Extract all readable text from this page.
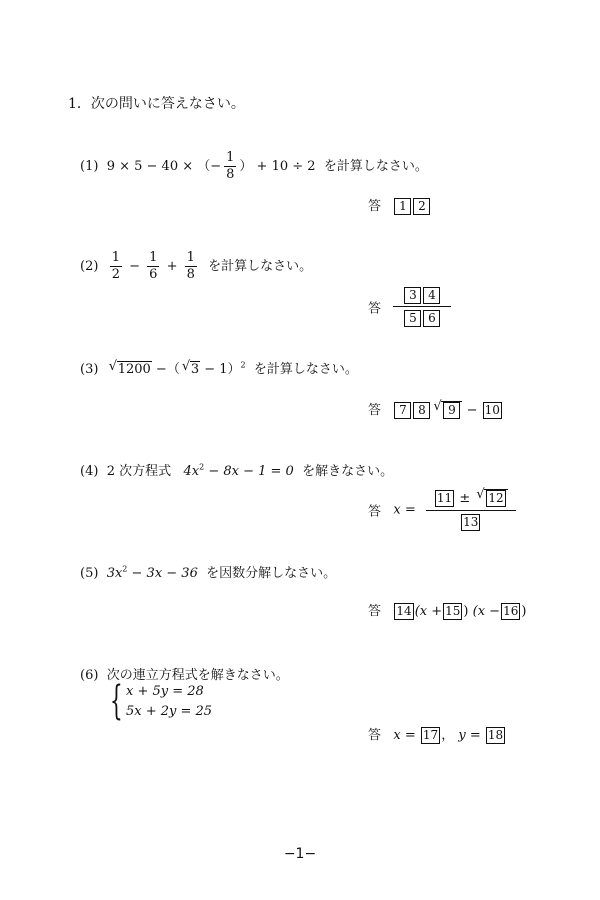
1．次の問いに答えなさい。
(1) 9 × 5 − 40 × （− $\frac{1}{8}$ ） + 10 ÷ 2 を計算しなさい。
答 1 2
$(2) \frac{1}{2} - \frac{1}{6} + \frac{1}{8}$ を計算しなさい。
答 $\frac{3 4}{5 6}$
(3) √ 1200 −（ √ 3 − 1）$^2$ を計算しなさい。
答 7 8 √ 9 − 10
(4) 2 次方程式 $4x^2 - 8x - 1 = 0$ を解きなさい。
答 $x = \frac{11 \pm √ 12}{13}$
(5) $3x^2 - 3x - 36$ を因数分解しなさい。
答 14 (x + 15 ) (x − 16 )
(6) 次の連立方程式を解きなさい。
{ x + 5y = 28
5x + 2y = 25
答 x = 17 ， y = 18
−1−
